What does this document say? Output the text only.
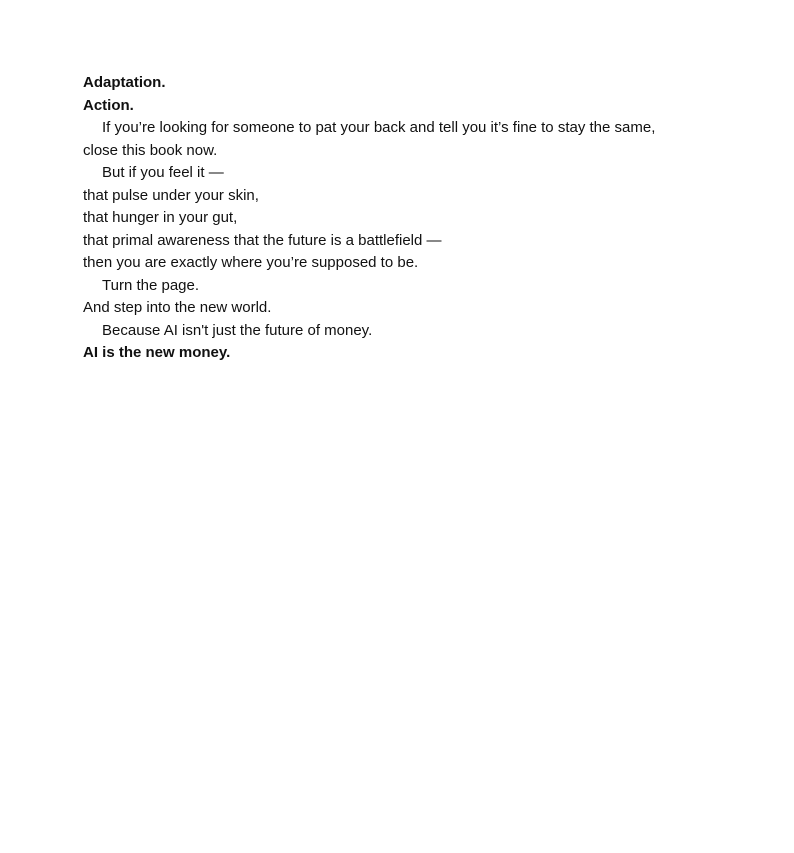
Adaptation.
Action.
If you’re looking for someone to pat your back and tell you it’s fine to stay the same,
close this book now.
But if you feel it —
that pulse under your skin,
that hunger in your gut,
that primal awareness that the future is a battlefield —
then you are exactly where you’re supposed to be.
Turn the page.
And step into the new world.
Because AI isn't just the future of money.
AI is the new money.
